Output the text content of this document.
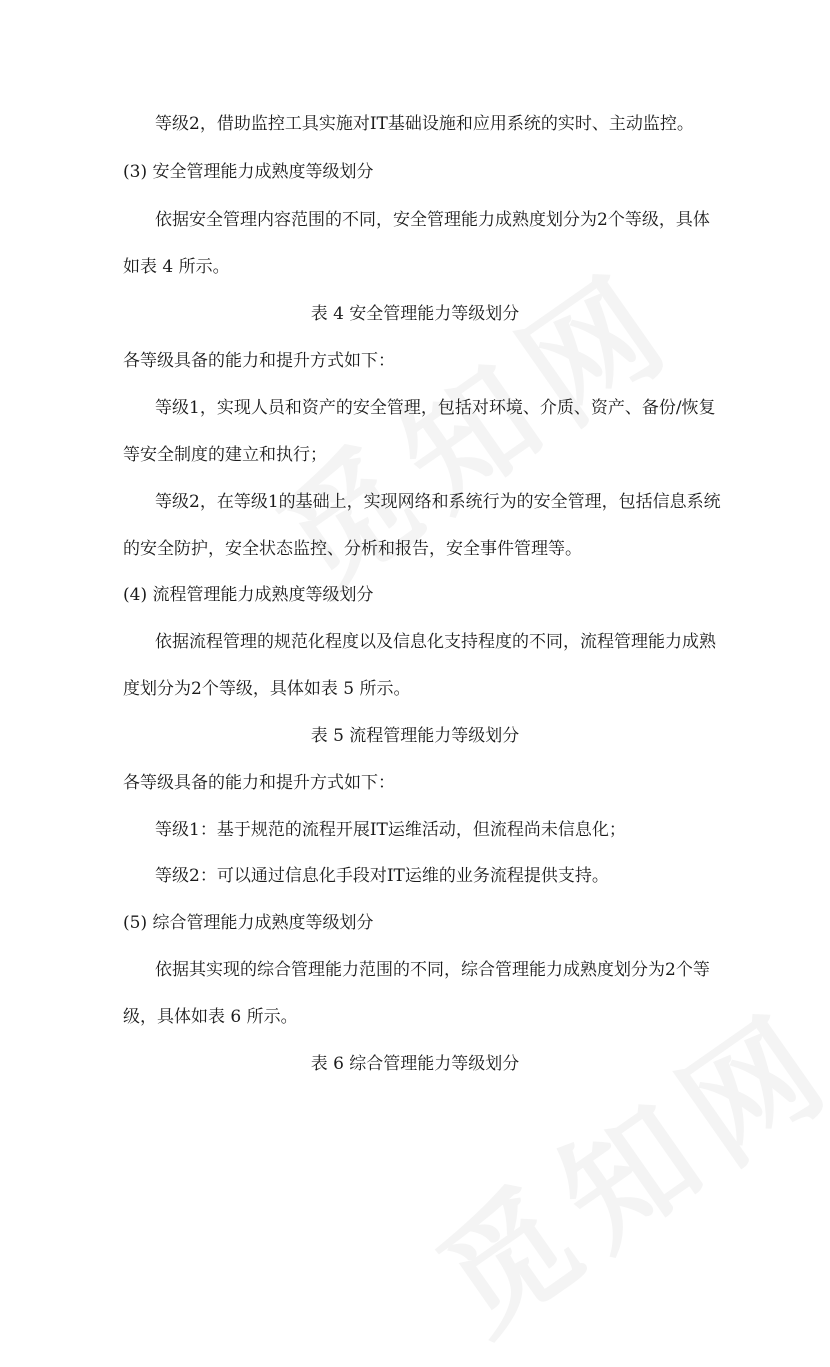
等级2，借助监控工具实施对IT基础设施和应用系统的实时、主动监控。
(3) 安全管理能力成熟度等级划分
依据安全管理内容范围的不同，安全管理能力成熟度划分为2个等级，具体
如表 4 所示。
表 4 安全管理能力等级划分
各等级具备的能力和提升方式如下：
等级1，实现人员和资产的安全管理，包括对环境、介质、资产、备份/恢复
等安全制度的建立和执行；
等级2，在等级1的基础上，实现网络和系统行为的安全管理，包括信息系统
的安全防护，安全状态监控、分析和报告，安全事件管理等。
(4) 流程管理能力成熟度等级划分
依据流程管理的规范化程度以及信息化支持程度的不同，流程管理能力成熟
度划分为2个等级，具体如表 5 所示。
表 5 流程管理能力等级划分
各等级具备的能力和提升方式如下：
等级1：基于规范的流程开展IT运维活动，但流程尚未信息化；
等级2：可以通过信息化手段对IT运维的业务流程提供支持。
(5) 综合管理能力成熟度等级划分
依据其实现的综合管理能力范围的不同，综合管理能力成熟度划分为2个等
级，具体如表 6 所示。
表 6 综合管理能力等级划分
